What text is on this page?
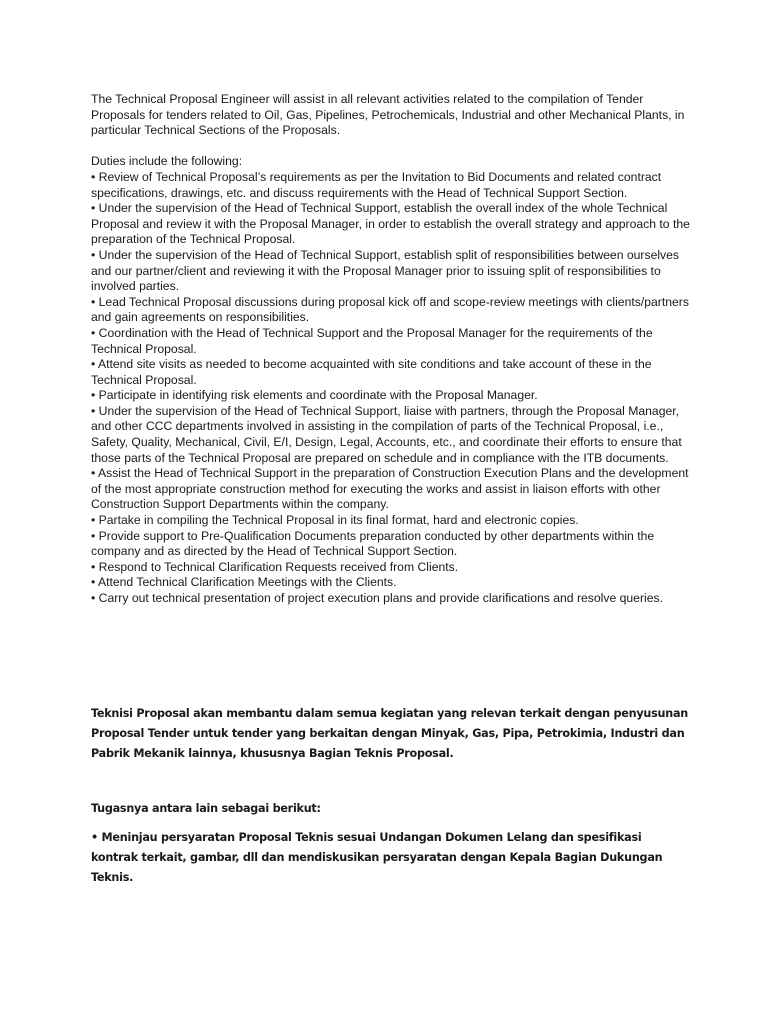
The Technical Proposal Engineer will assist in all relevant activities related to the compilation of Tender Proposals for tenders related to Oil, Gas, Pipelines, Petrochemicals, Industrial and other Mechanical Plants, in particular Technical Sections of the Proposals.

Duties include the following:

• Review of Technical Proposal’s requirements as per the Invitation to Bid Documents and related contract specifications, drawings, etc. and discuss requirements with the Head of Technical Support Section.

• Under the supervision of the Head of Technical Support, establish the overall index of the whole Technical Proposal and review it with the Proposal Manager, in order to establish the overall strategy and approach to the preparation of the Technical Proposal.

• Under the supervision of the Head of Technical Support, establish split of responsibilities between ourselves and our partner/client and reviewing it with the Proposal Manager prior to issuing split of responsibilities to involved parties.

• Lead Technical Proposal discussions during proposal kick off and scope-review meetings with clients/partners and gain agreements on responsibilities.

• Coordination with the Head of Technical Support and the Proposal Manager for the requirements of the Technical Proposal.

• Attend site visits as needed to become acquainted with site conditions and take account of these in the Technical Proposal.

• Participate in identifying risk elements and coordinate with the Proposal Manager.

• Under the supervision of the Head of Technical Support, liaise with partners, through the Proposal Manager, and other CCC departments involved in assisting in the compilation of parts of the Technical Proposal, i.e., Safety, Quality, Mechanical, Civil, E/I, Design, Legal, Accounts, etc., and coordinate their efforts to ensure that those parts of the Technical Proposal are prepared on schedule and in compliance with the ITB documents.

• Assist the Head of Technical Support in the preparation of Construction Execution Plans and the development of the most appropriate construction method for executing the works and assist in liaison efforts with other Construction Support Departments within the company.

• Partake in compiling the Technical Proposal in its final format, hard and electronic copies.

• Provide support to Pre-Qualification Documents preparation conducted by other departments within the company and as directed by the Head of Technical Support Section.

• Respond to Technical Clarification Requests received from Clients.

• Attend Technical Clarification Meetings with the Clients.

• Carry out technical presentation of project execution plans and provide clarifications and resolve queries.

Teknisi Proposal akan membantu dalam semua kegiatan yang relevan terkait dengan penyusunan Proposal Tender untuk tender yang berkaitan dengan Minyak, Gas, Pipa, Petrokimia, Industri dan Pabrik Mekanik lainnya, khususnya Bagian Teknis Proposal.

Tugasnya antara lain sebagai berikut:

• Meninjau persyaratan Proposal Teknis sesuai Undangan Dokumen Lelang dan spesifikasi kontrak terkait, gambar, dll dan mendiskusikan persyaratan dengan Kepala Bagian Dukungan Teknis.
